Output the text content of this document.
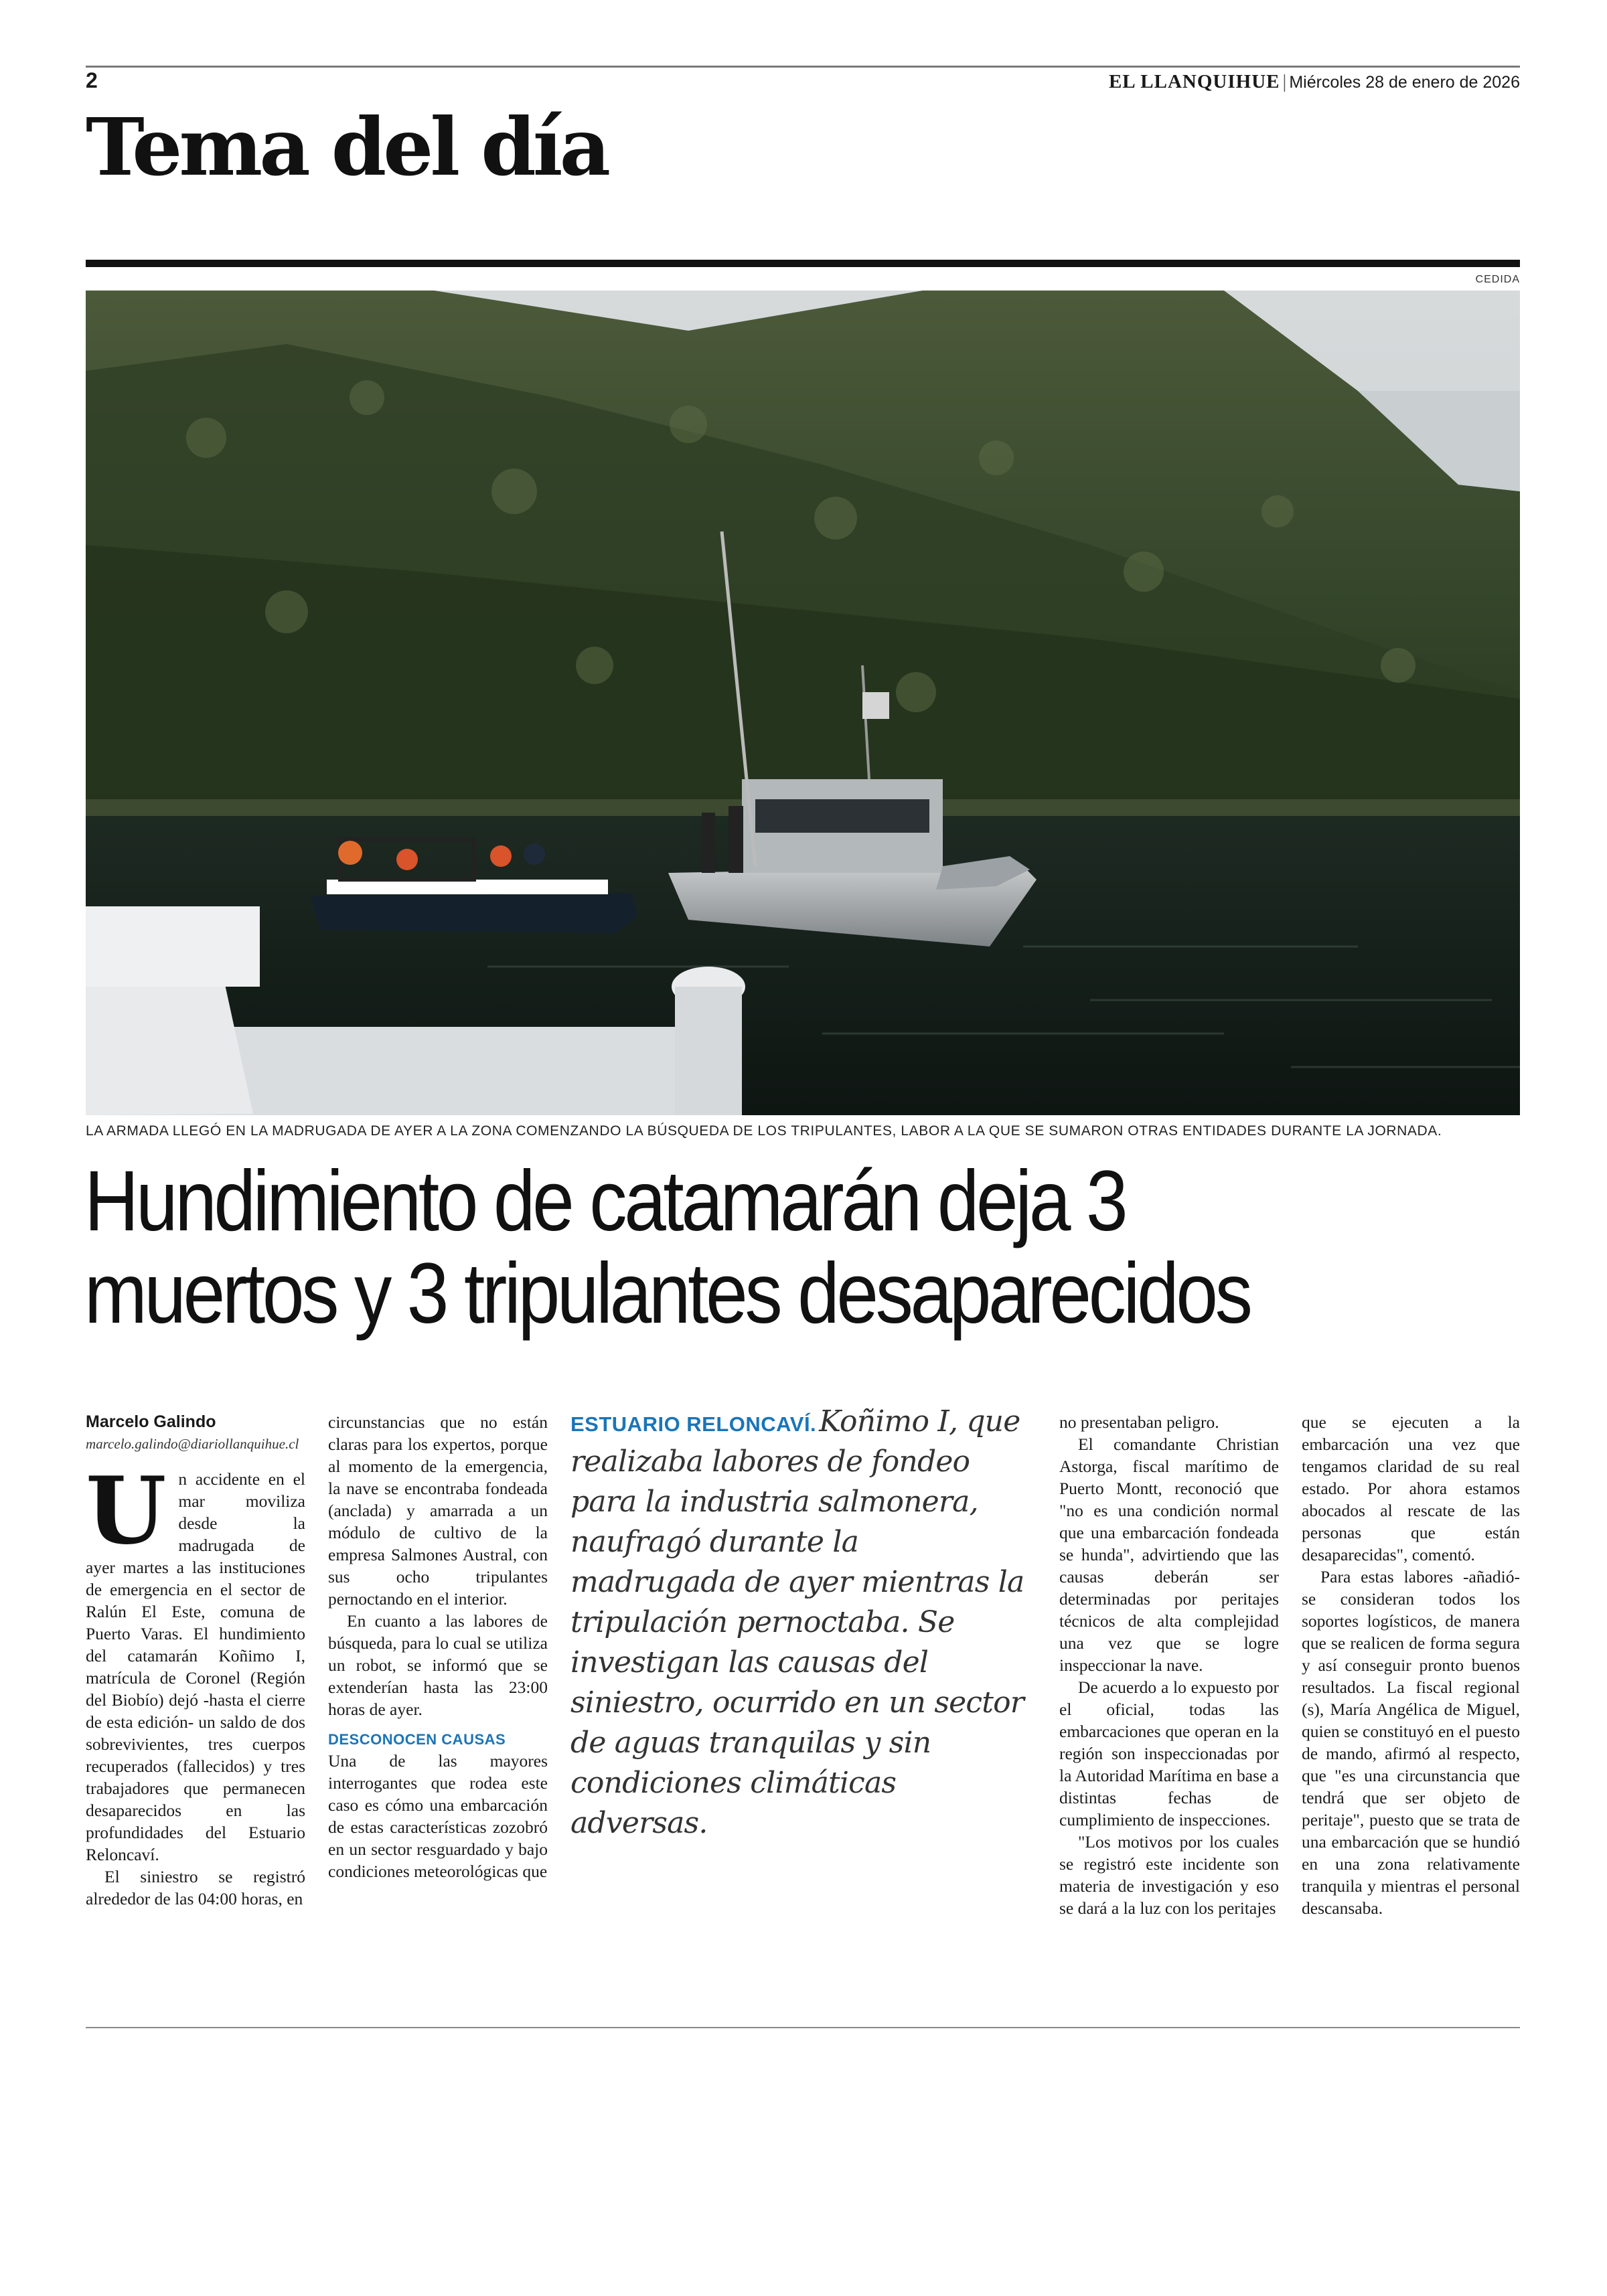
2	EL LLANQUIHUE | Miércoles 28 de enero de 2026
Tema del día
CEDIDA
LA ARMADA LLEGÓ EN LA MADRUGADA DE AYER A LA ZONA COMENZANDO LA BÚSQUEDA DE LOS TRIPULANTES, LABOR A LA QUE SE SUMARON OTRAS ENTIDADES DURANTE LA JORNADA.
Hundimiento de catamarán deja 3 muertos y 3 tripulantes desaparecidos
Marcelo Galindo
marcelo.galindo@diariollanquihue.cl

Un accidente en el mar moviliza desde la madrugada de ayer martes a las instituciones de emergencia en el sector de Ralún El Este, comuna de Puerto Varas. El hundimiento del catamarán Koñimo I, matrícula de Coronel (Región del Biobío) dejó -hasta el cierre de esta edición- un saldo de dos sobrevivientes, tres cuerpos recuperados (fallecidos) y tres trabajadores que permanecen desaparecidos en las profundidades del Estuario Reloncaví.

El siniestro se registró alrededor de las 04:00 horas, en

circunstancias que no están claras para los expertos, porque al momento de la emergencia, la nave se encontraba fondeada (anclada) y amarrada a un módulo de cultivo de la empresa Salmones Austral, con sus ocho tripulantes pernoctando en el interior.

En cuanto a las labores de búsqueda, para lo cual se utiliza un robot, se informó que se extenderían hasta las 23:00 horas de ayer.

DESCONOCEN CAUSAS

Una de las mayores interrogantes que rodea este caso es cómo una embarcación de estas características zozobró en un sector resguardado y bajo condiciones meteorológicas que

ESTUARIO RELONCAVÍ. Koñimo I, que realizaba labores de fondeo para la industria salmonera, naufragó durante la madrugada de ayer mientras la tripulación pernoctaba. Se investigan las causas del siniestro, ocurrido en un sector de aguas tranquilas y sin condiciones climáticas adversas.

no presentaban peligro.

El comandante Christian Astorga, fiscal marítimo de Puerto Montt, reconoció que "no es una condición normal que una embarcación fondeada se hunda", advirtiendo que las causas deberán ser determinadas por peritajes técnicos de alta complejidad una vez que se logre inspeccionar la nave.

De acuerdo a lo expuesto por el oficial, todas las embarcaciones que operan en la región son inspeccionadas por la Autoridad Marítima en base a distintas fechas de cumplimiento de inspecciones.

"Los motivos por los cuales se registró este incidente son materia de investigación y eso se dará a la luz con los peritajes

que se ejecuten a la embarcación una vez que tengamos claridad de su real estado. Por ahora estamos abocados al rescate de las personas que están desaparecidas", comentó.

Para estas labores -añadió- se consideran todos los soportes logísticos, de manera que se realicen de forma segura y así conseguir pronto buenos resultados. La fiscal regional (s), María Angélica de Miguel, quien se constituyó en el puesto de mando, afirmó al respecto, que "es una circunstancia que tendrá que ser objeto de peritaje", puesto que se trata de una embarcación que se hundió en una zona relativamente tranquila y mientras el personal descansaba.
